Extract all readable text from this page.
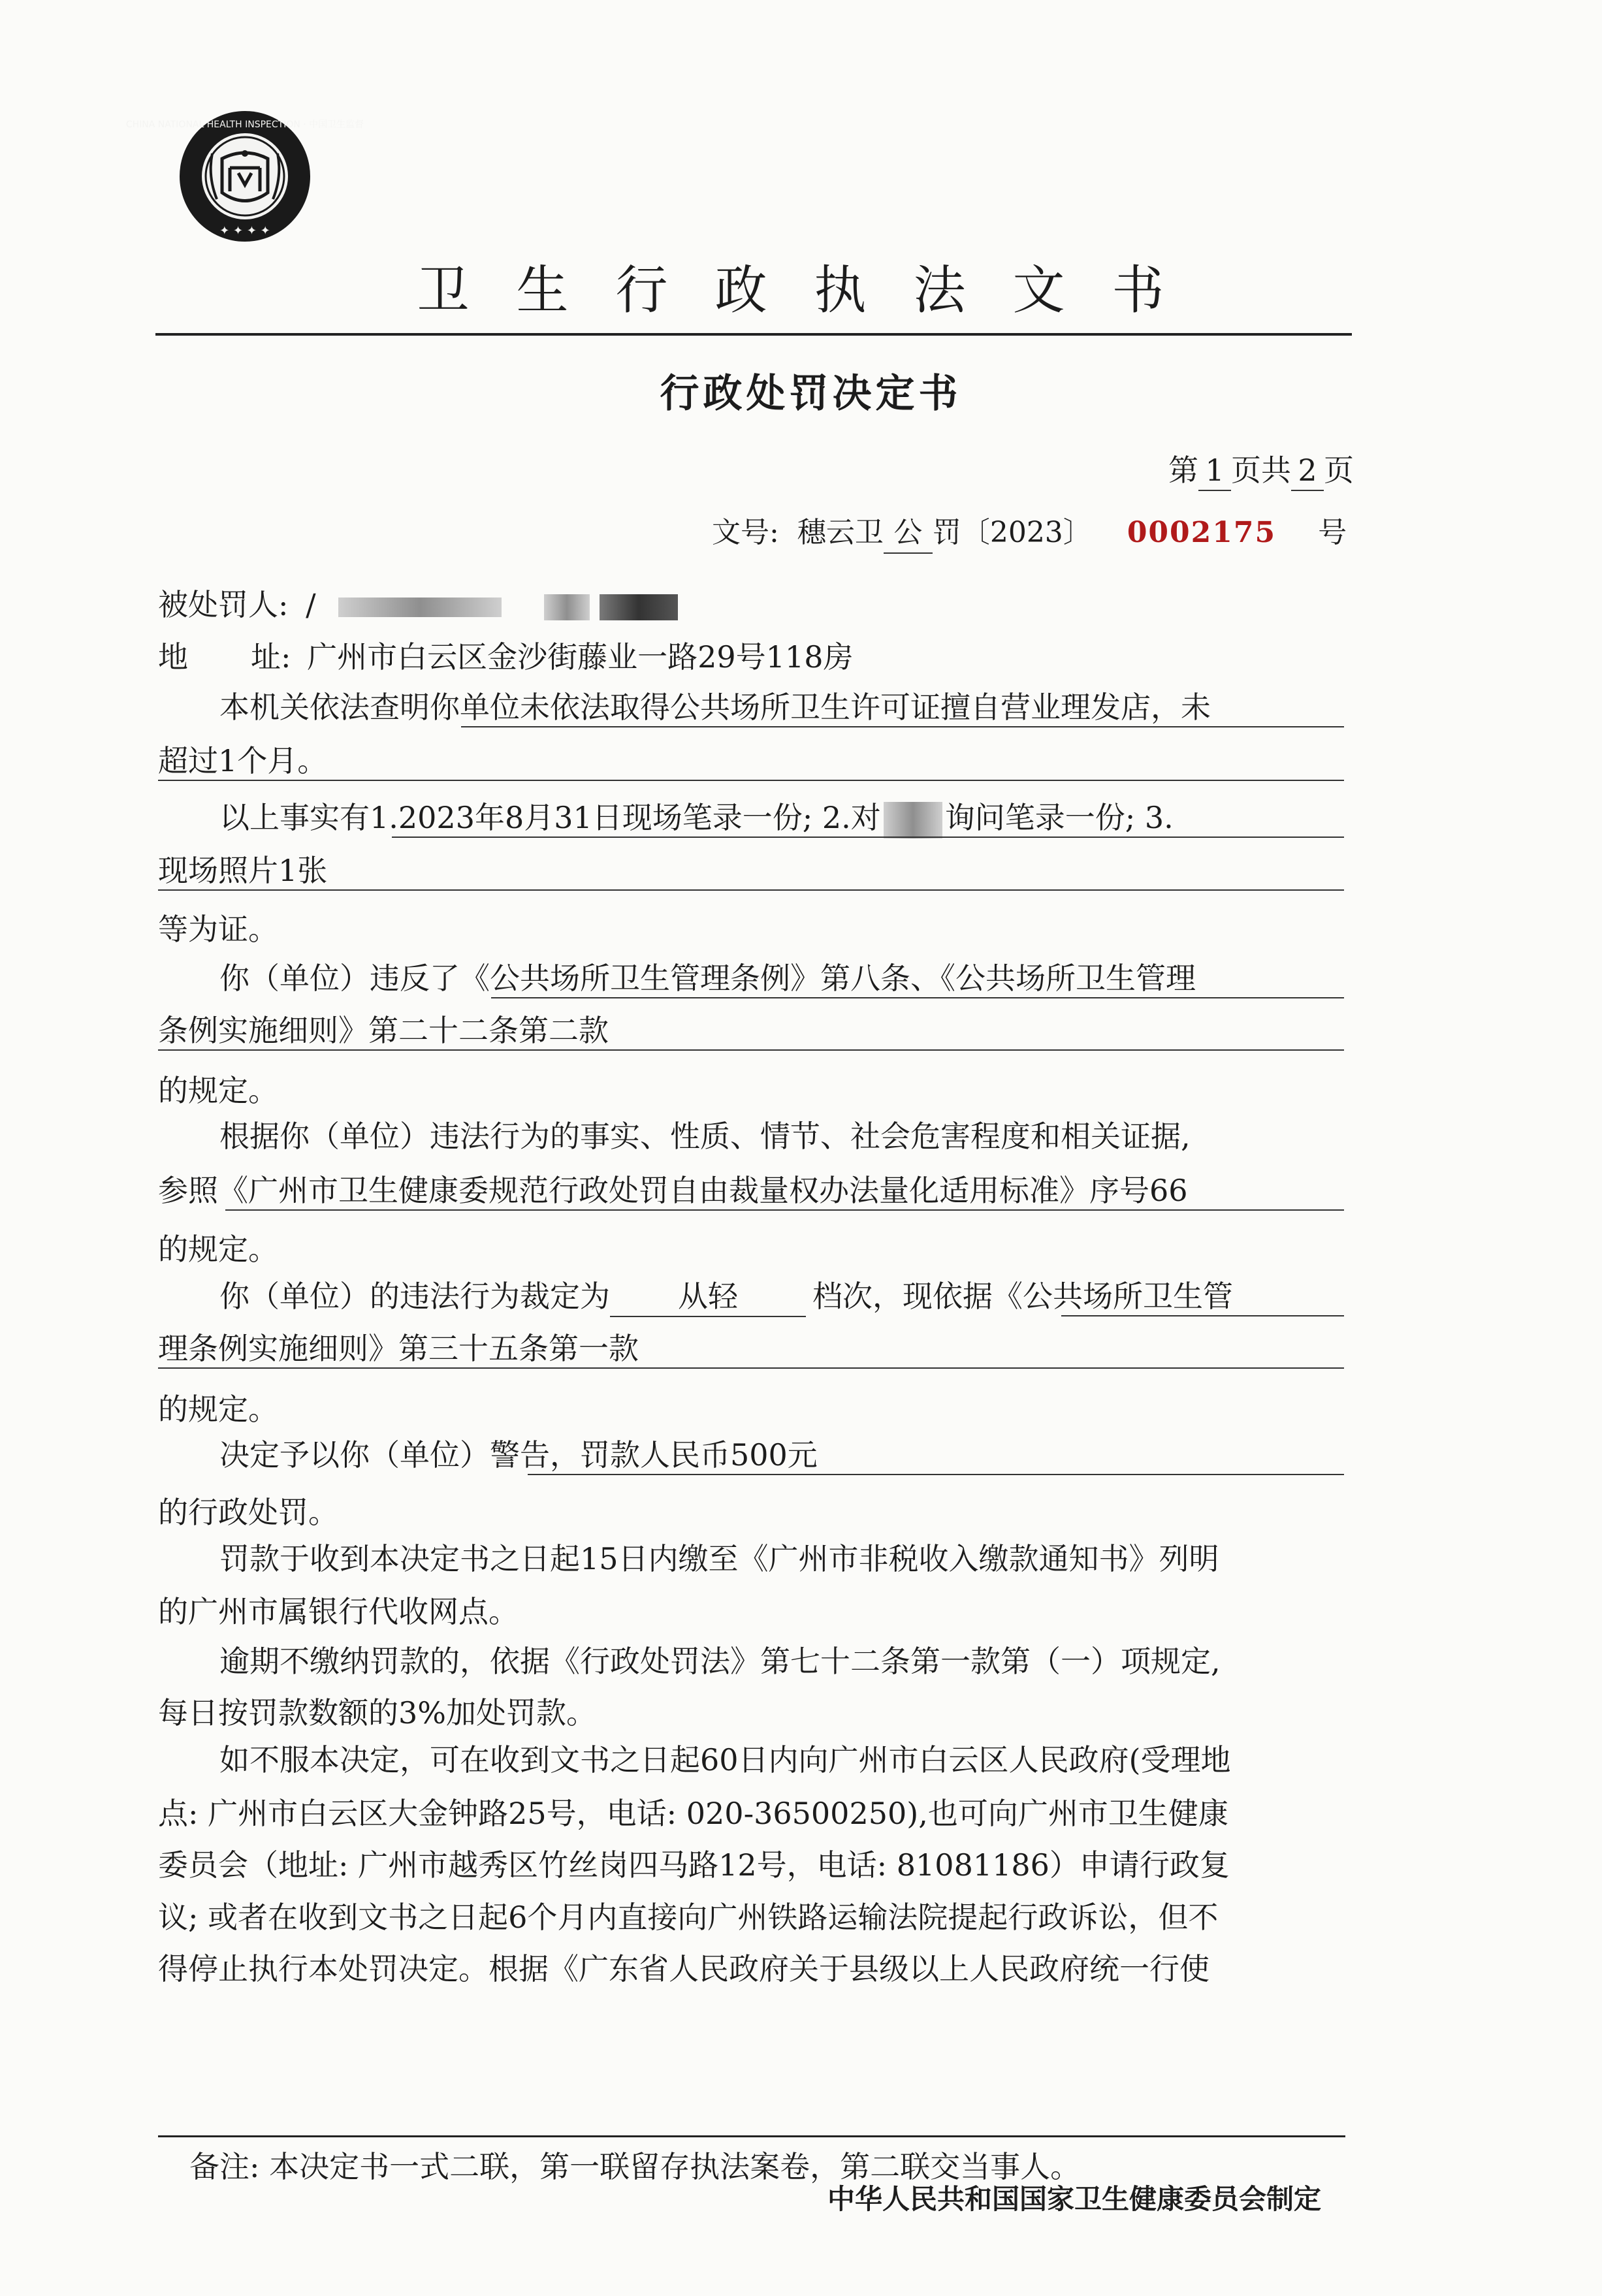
✦ ✦ ✦ ✦
CHINA NATIONAL HEALTH INSPECTION · 中国卫生监督
卫生行政执法文书
行政处罚决定书
第 1 页共 2 页
文号: 穗云卫 公 罚〔2023〕 0002175 号
被处罚人: /
地 址: 广州市白云区金沙街藤业一路29号118房
本机关依法查明你单位未依法取得公共场所卫生许可证擅自营业理发店，未
超过1个月。
以上事实有1.2023年8月31日现场笔录一份; 2.对 询问笔录一份; 3.
现场照片1张
等为证。
你（单位）违反了《公共场所卫生管理条例》第八条、《公共场所卫生管理
条例实施细则》第二十二条第二款
的规定。
根据你（单位）违法行为的事实、性质、情节、社会危害程度和相关证据,
参照《广州市卫生健康委规范行政处罚自由裁量权办法量化适用标准》序号66
的规定。
你（单位）的违法行为裁定为 从轻 档次，现依据《公共场所卫生管
理条例实施细则》第三十五条第一款
的规定。
决定予以你（单位）警告，罚款人民币500元
的行政处罚。
罚款于收到本决定书之日起15日内缴至《广州市非税收入缴款通知书》列明
的广州市属银行代收网点。
逾期不缴纳罚款的，依据《行政处罚法》第七十二条第一款第（一）项规定,
每日按罚款数额的3%加处罚款。
如不服本决定，可在收到文书之日起60日内向广州市白云区人民政府(受理地
点: 广州市白云区大金钟路25号，电话: 020-36500250),也可向广州市卫生健康
委员会（地址: 广州市越秀区竹丝岗四马路12号，电话: 81081186）申请行政复
议; 或者在收到文书之日起6个月内直接向广州铁路运输法院提起行政诉讼，但不
得停止执行本处罚决定。根据《广东省人民政府关于县级以上人民政府统一行使
备注: 本决定书一式二联，第一联留存执法案卷，第二联交当事人。
中华人民共和国国家卫生健康委员会制定
